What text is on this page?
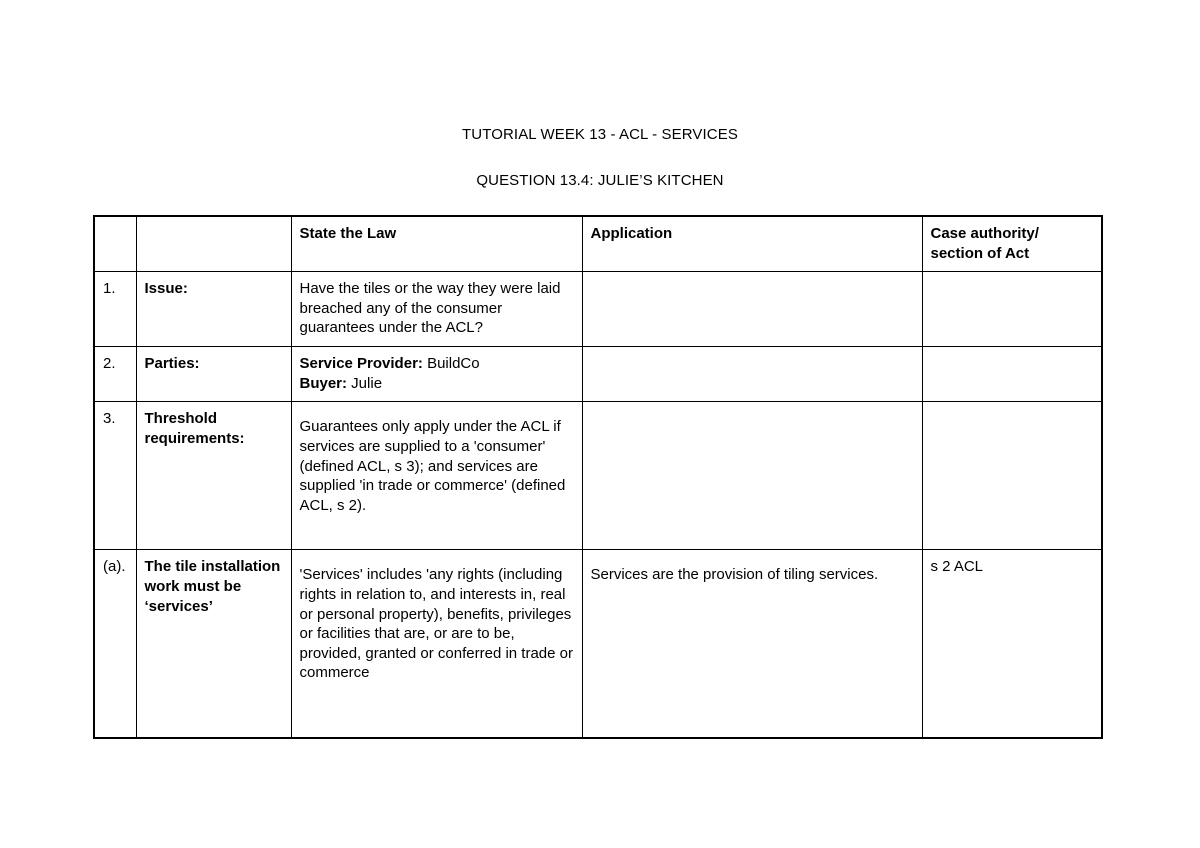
TUTORIAL WEEK 13 - ACL - SERVICES
QUESTION 13.4: JULIE’S KITCHEN
		State the Law	Application	Case authority/ section of Act
1.	Issue:	Have the tiles or the way they were laid breached any of the consumer guarantees under the ACL?		
2.	Parties:	Service Provider: BuildCo
Buyer: Julie		
3.	Threshold requirements:	Guarantees only apply under the ACL if services are supplied to a 'consumer' (defined ACL, s 3); and services are supplied 'in trade or commerce' (defined ACL, s 2).		
(a).	The tile installation work must be ‘services’	'Services' includes 'any rights (including rights in relation to, and interests in, real or personal property), benefits, privileges or facilities that are, or are to be, provided, granted or conferred in trade or commerce	Services are the provision of tiling services.	s 2 ACL
